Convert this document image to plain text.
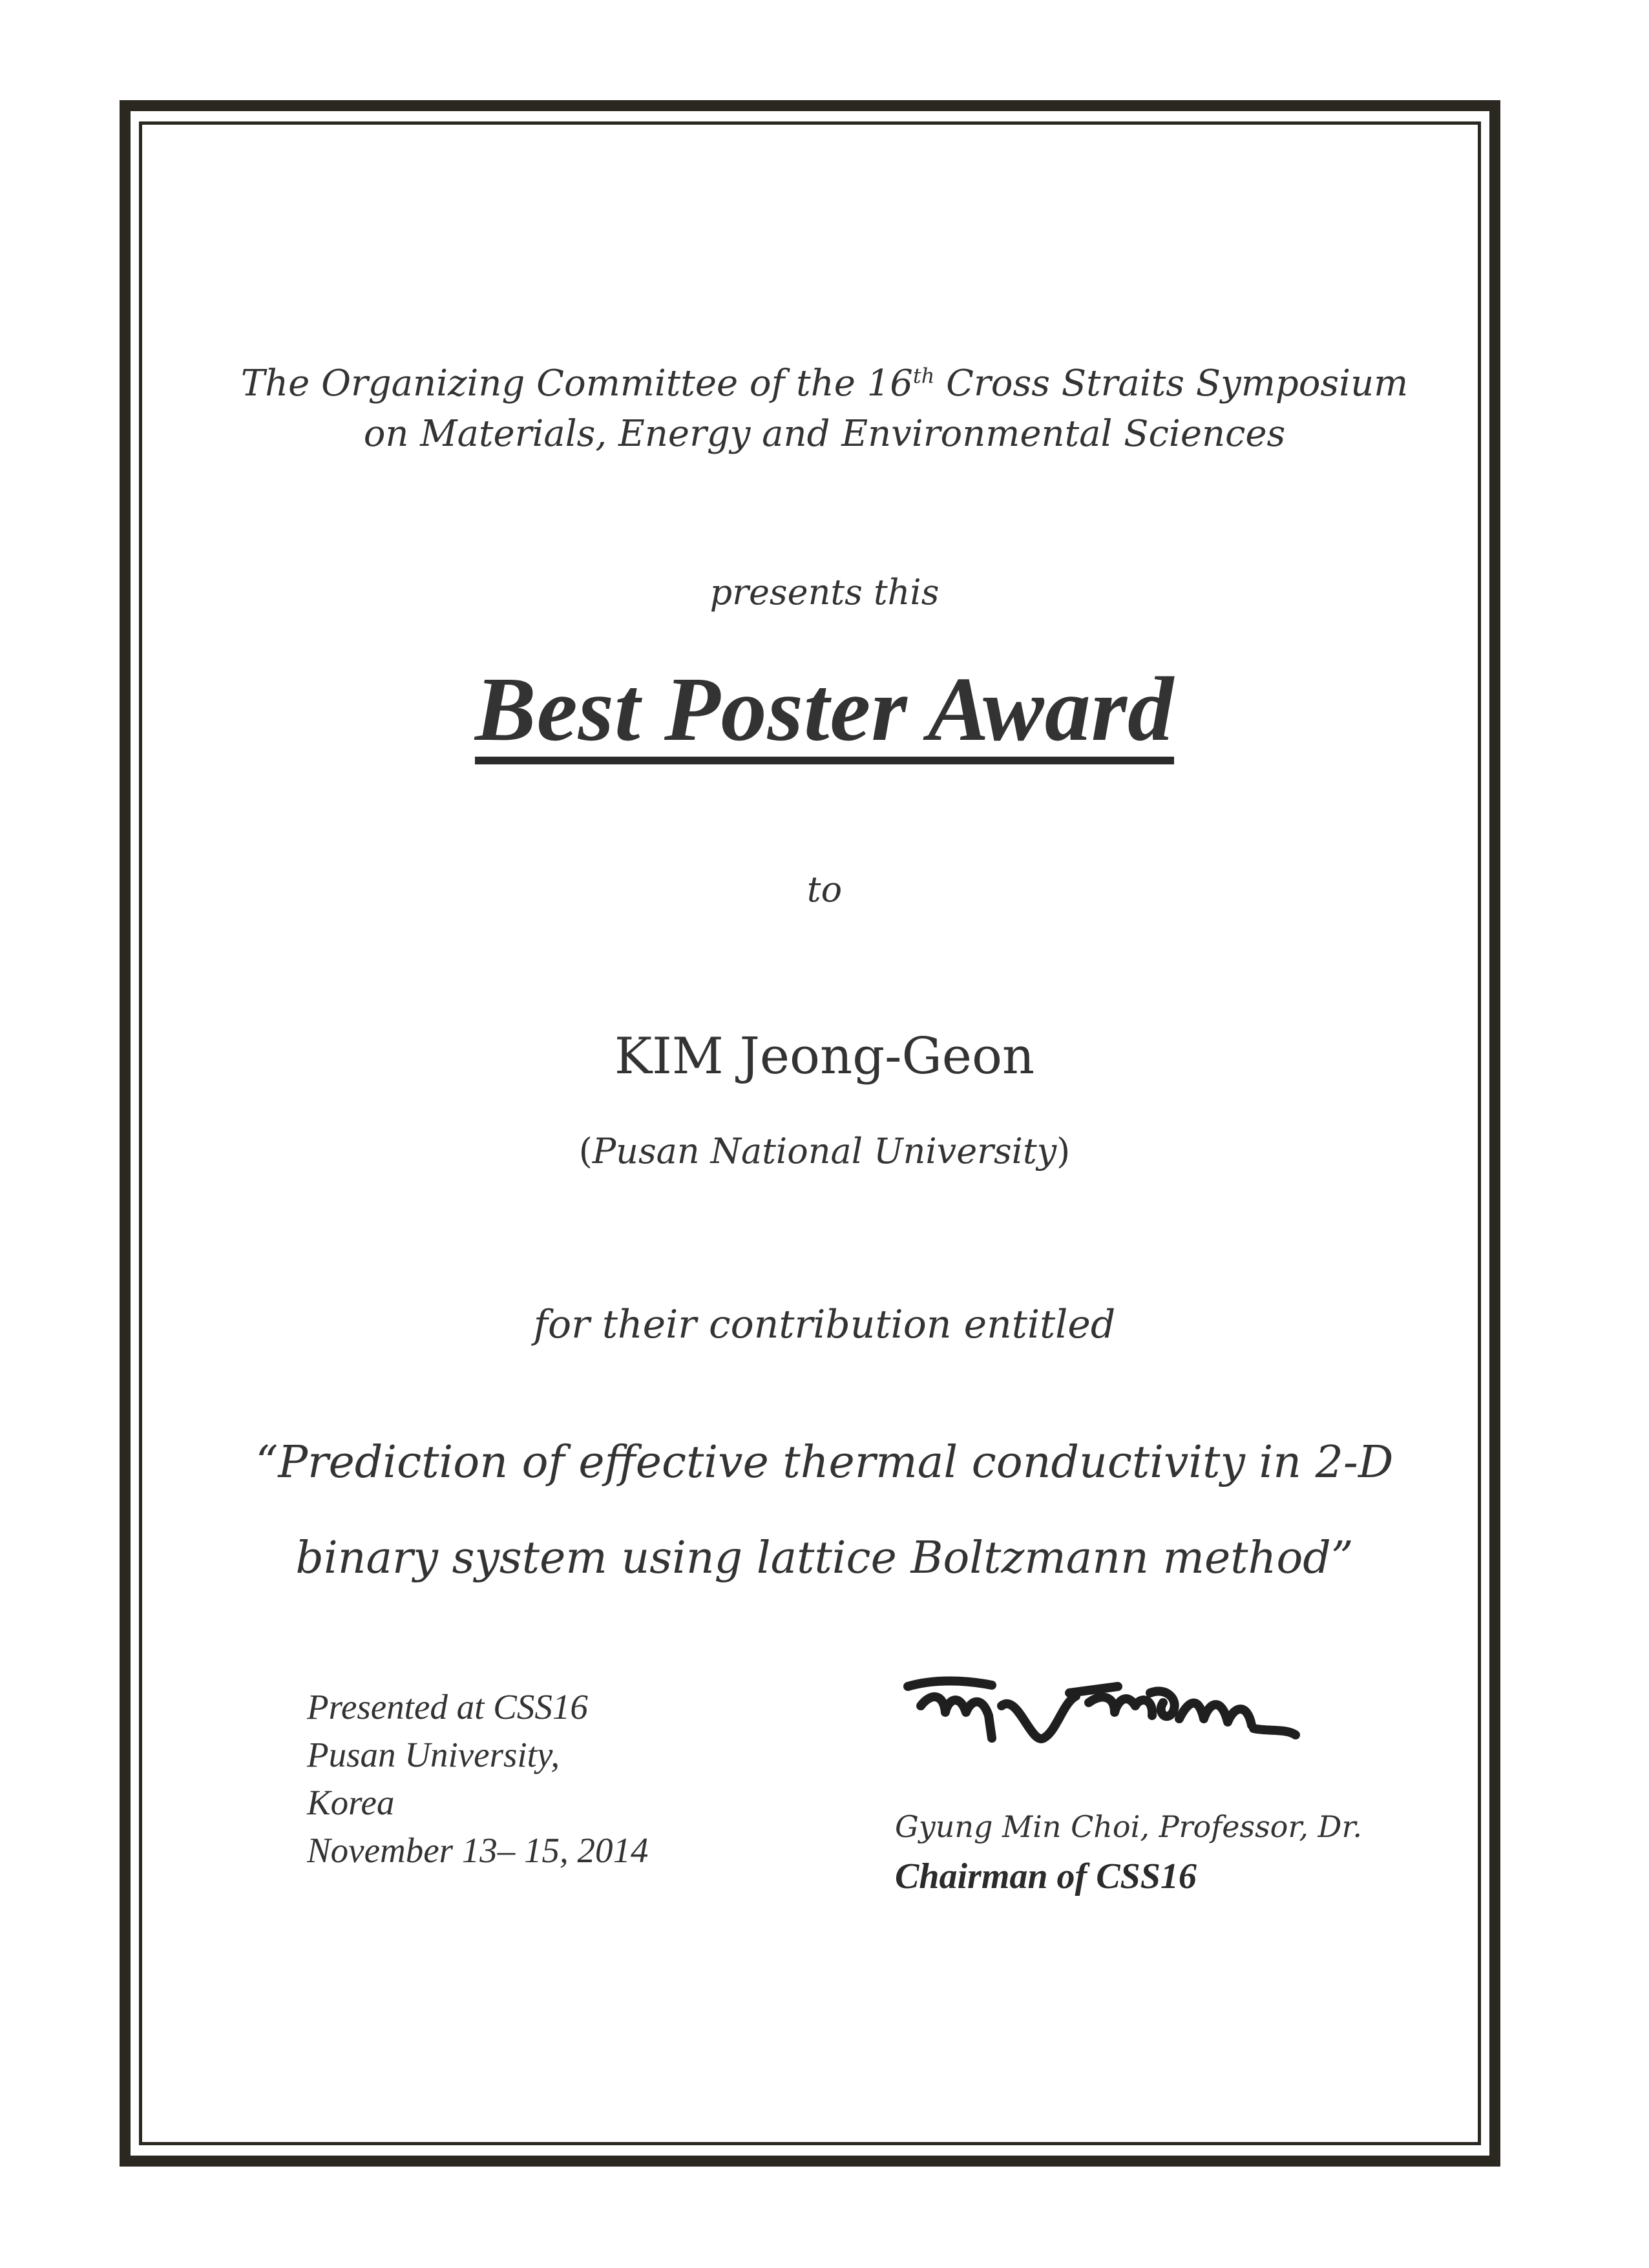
The Organizing Committee of the 16th Cross Straits Symposium
on Materials, Energy and Environmental Sciences
presents this
Best Poster Award
to
KIM Jeong-Geon
(Pusan National University)
for their contribution entitled
“Prediction of effective thermal conductivity in 2-D
binary system using lattice Boltzmann method”
Presented at CSS16
Pusan University,
Korea
November 13– 15, 2014
Gyung Min Choi, Professor, Dr.
Chairman of CSS16
